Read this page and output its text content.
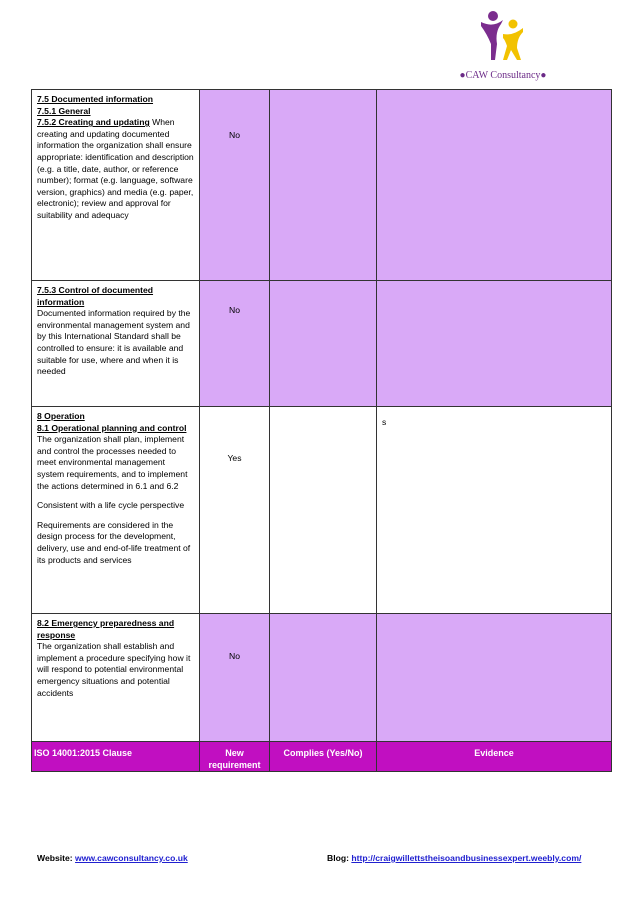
●CAW Consultancy●
7.5 Documented information
7.5.1 General
7.5.2 Creating and updating When creating and updating documented information the organization shall ensure appropriate: identification and description (e.g. a title, date, author, or reference number); format (e.g. language, software version, graphics) and media (e.g. paper, electronic); review and approval for suitability and adequacy	No		

7.5.3 Control of documented information
Documented information required by the environmental management system and by this International Standard shall be controlled to ensure: it is available and suitable for use, where and when it is needed	No		

8 Operation
8.1 Operational planning and control
The organization shall plan, implement and control the processes needed to meet environmental management system requirements, and to implement the actions determined in 6.1 and 6.2
Consistent with a life cycle perspective
Requirements are considered in the design process for the development, delivery, use and end-of-life treatment of its products and services	Yes		s

8.2 Emergency preparedness and response
The organization shall establish and implement a procedure specifying how it will respond to potential environmental emergency situations and potential accidents	No		

ISO 14001:2015 Clause	New requirement	Complies (Yes/No)	Evidence
Website: www.cawconsultancy.co.uk	Blog: http://craigwillettstheisoandbusinessexpert.weebly.com/
